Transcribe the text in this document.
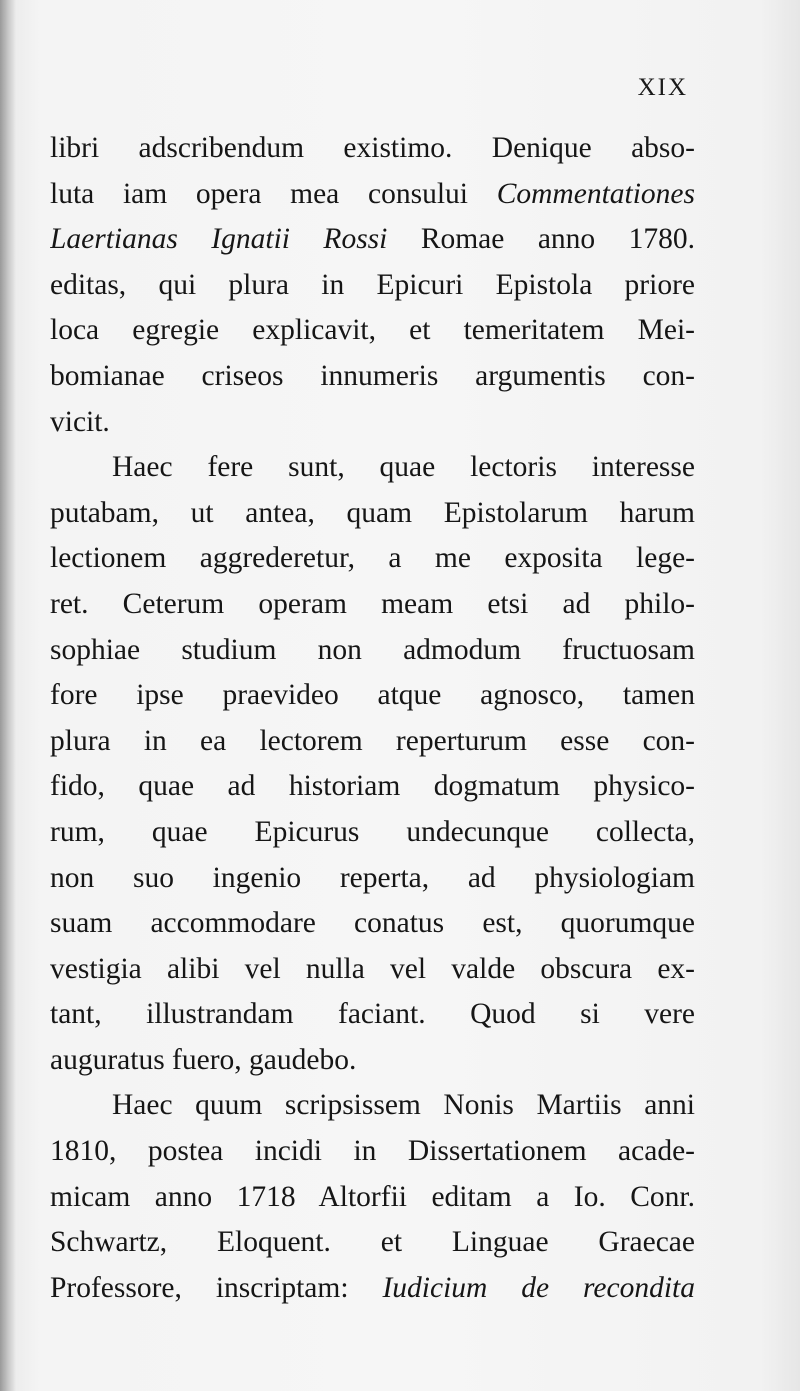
XIX
libri adscribendum existimo. Denique abso-
luta iam opera mea consului Commentationes
Laertianas Ignatii Rossi Romae anno 1780.
editas, qui plura in Epicuri Epistola priore
loca egregie explicavit, et temeritatem Mei-
bomianae criseos innumeris argumentis con-
vicit.
Haec fere sunt, quae lectoris interesse
putabam, ut antea, quam Epistolarum harum
lectionem aggrederetur, a me exposita lege-
ret. Ceterum operam meam etsi ad philo-
sophiae studium non admodum fructuosam
fore ipse praevideo atque agnosco, tamen
plura in ea lectorem reperturum esse con-
fido, quae ad historiam dogmatum physico-
rum, quae Epicurus undecunque collecta,
non suo ingenio reperta, ad physiologiam
suam accommodare conatus est, quorumque
vestigia alibi vel nulla vel valde obscura ex-
tant, illustrandam faciant. Quod si vere
auguratus fuero, gaudebo.
Haec quum scripsissem Nonis Martiis anni
1810, postea incidi in Dissertationem acade-
micam anno 1718 Altorfii editam a Io. Conr.
Schwartz, Eloquent. et Linguae Graecae
Professore, inscriptam: Iudicium de recondita
